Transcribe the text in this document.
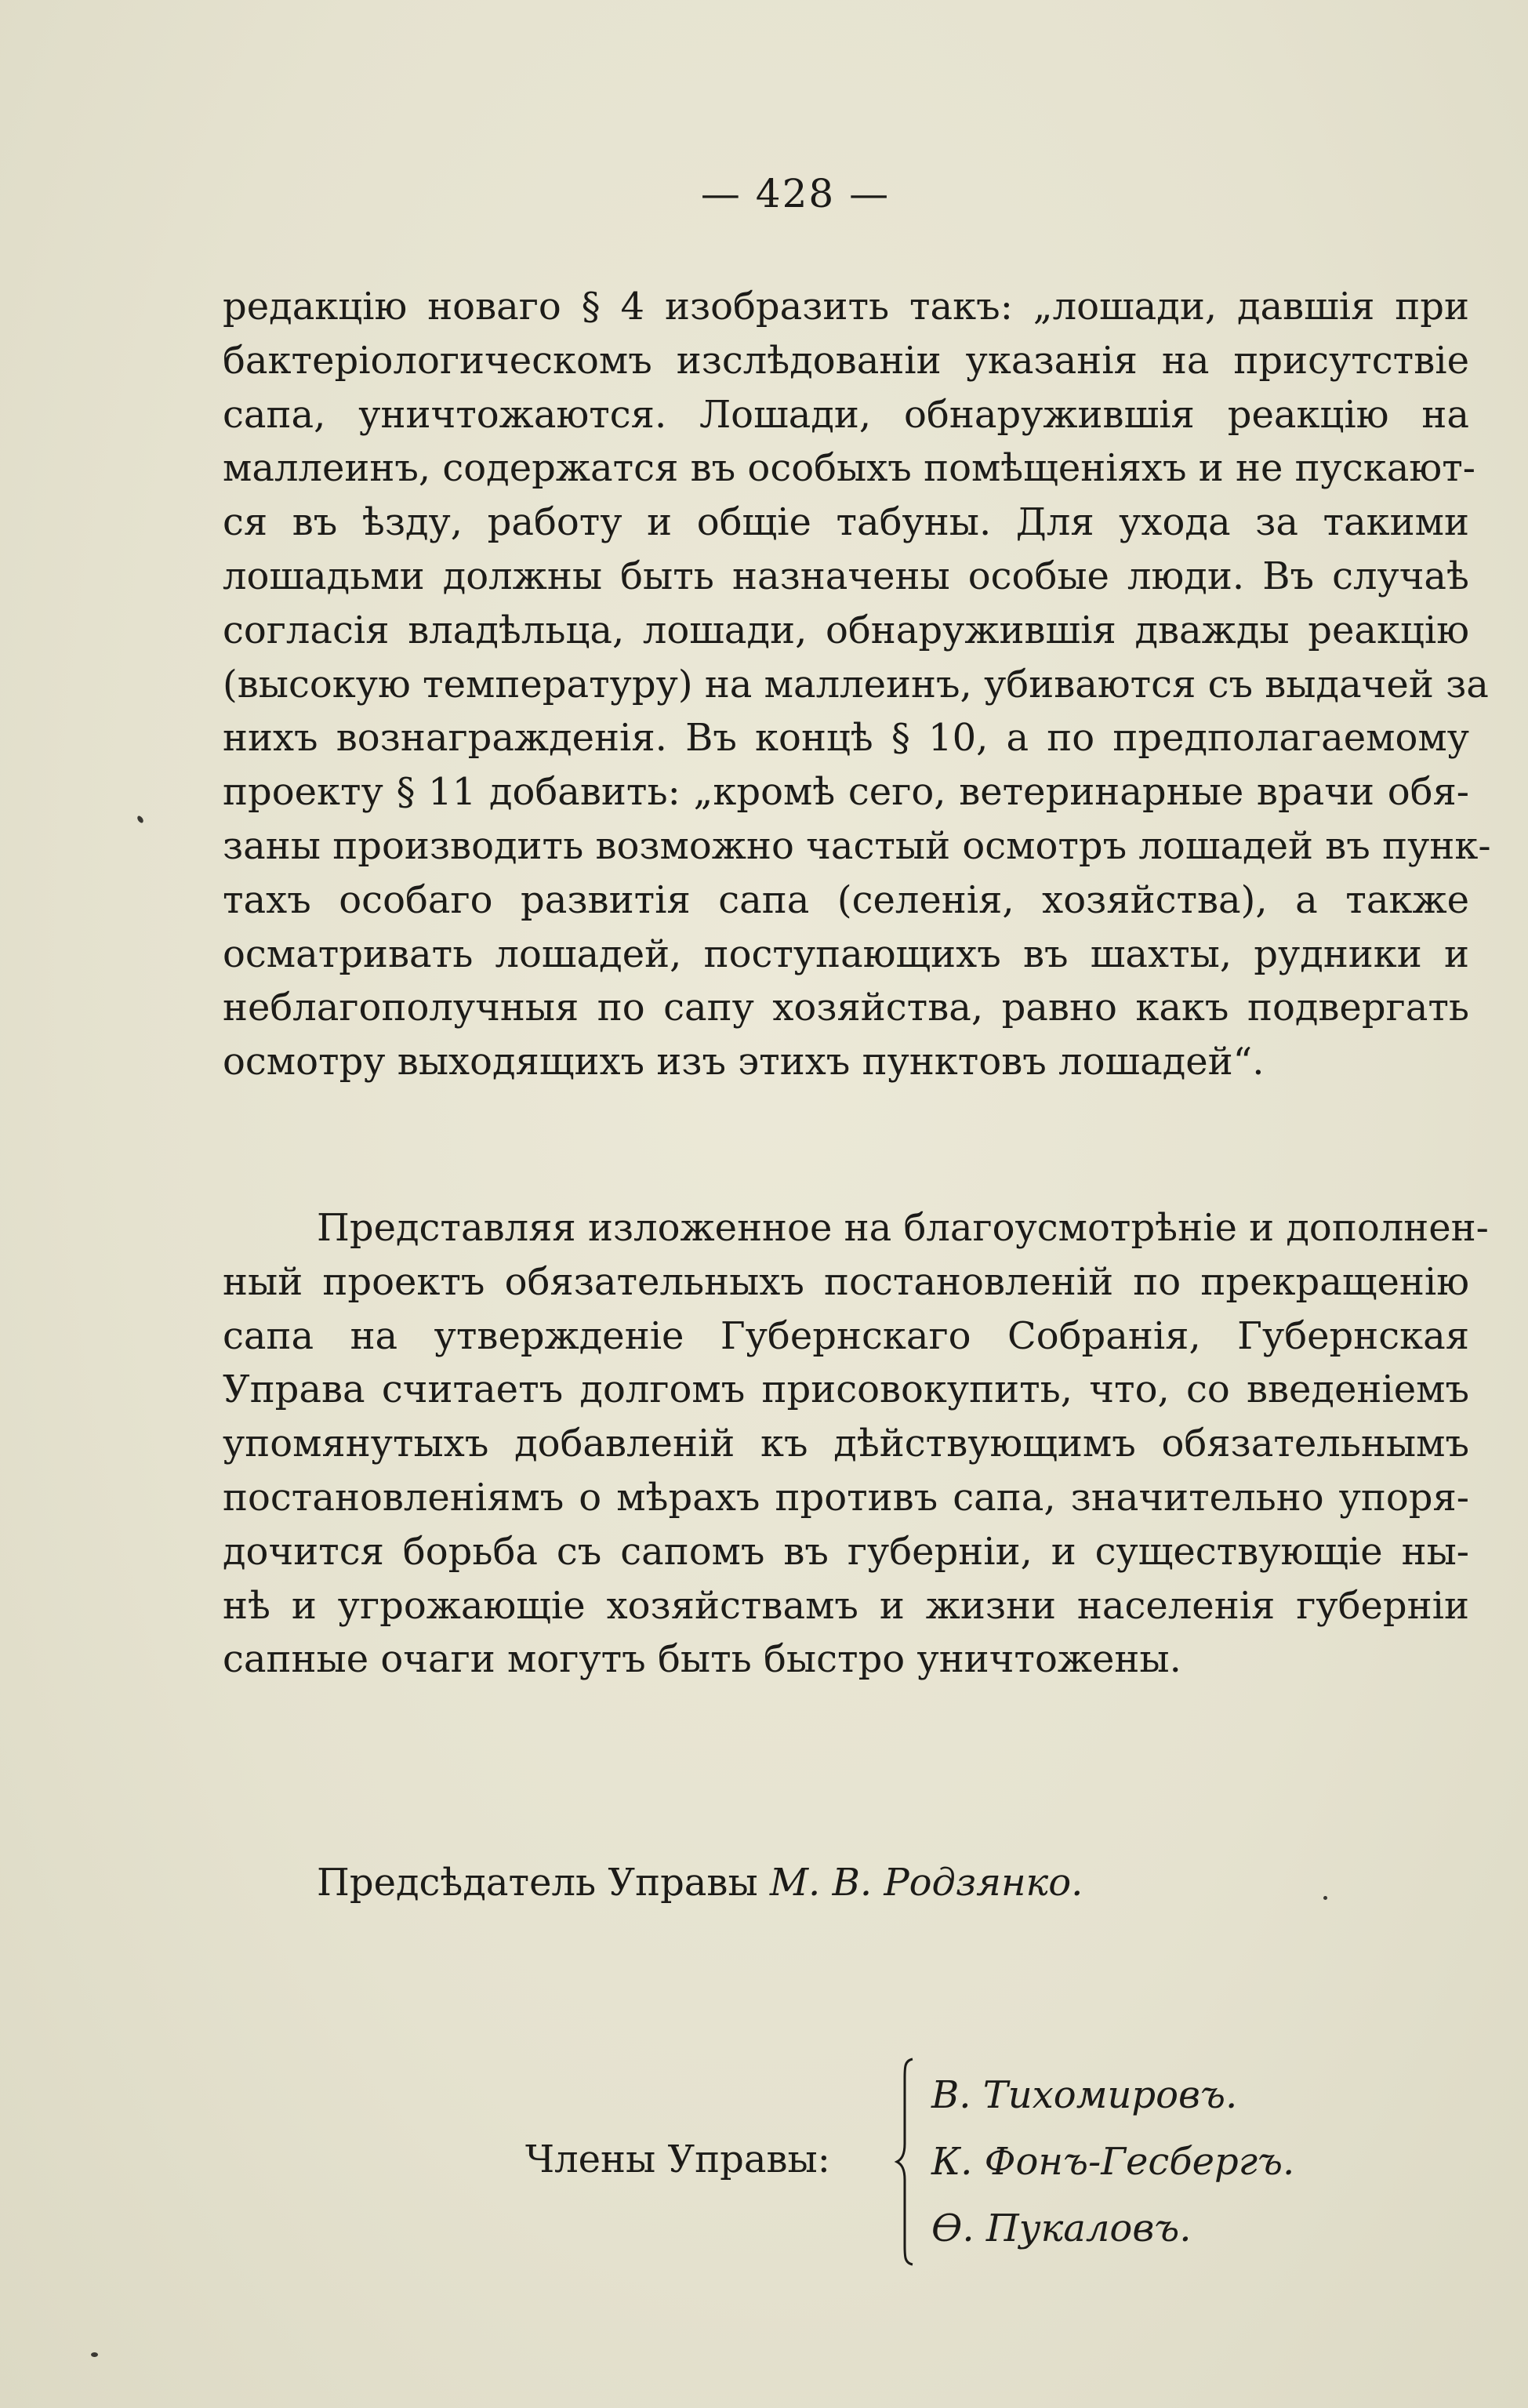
— 428 —
редакцію новаго § 4 изобразить такъ: „лошади, давшія при
бактеріологическомъ изслѣдованіи указанія на присутствіе
сапа, уничтожаются. Лошади, обнаружившія реакцію на
маллеинъ, содержатся въ особыхъ помѣщеніяхъ и не пускают-
ся въ ѣзду, работу и общіе табуны. Для ухода за такими
лошадьми должны быть назначены особые люди. Въ случаѣ
согласія владѣльца, лошади, обнаружившія дважды реакцію
(высокую температуру) на маллеинъ, убиваются съ выдачей за
нихъ вознагражденія. Въ концѣ § 10, а по предполагаемому
проекту § 11 добавить: „кромѣ сего, ветеринарные врачи обя-
заны производить возможно частый осмотръ лошадей въ пунк-
тахъ особаго развитія сапа (селенія, хозяйства), а также
осматривать лошадей, поступающихъ въ шахты, рудники и
неблагополучныя по сапу хозяйства, равно какъ подвергать
осмотру выходящихъ изъ этихъ пунктовъ лошадей“.
Представляя изложенное на благоусмотрѣніе и дополнен-
ный проектъ обязательныхъ постановленій по прекращенію
сапа на утвержденіе Губернскаго Собранія, Губернская
Управа считаетъ долгомъ присовокупить, что, со введеніемъ
упомянутыхъ добавленій къ дѣйствующимъ обязательнымъ
постановленіямъ о мѣрахъ противъ сапа, значительно упоря-
дочится борьба съ сапомъ въ губерніи, и существующіе ны-
нѣ и угрожающіе хозяйствамъ и жизни населенія губерніи
сапные очаги могутъ быть быстро уничтожены.
Предсѣдатель Управы М. В. Родзянко.
Члены Управы:
В. Тихомировъ.
К. Фонъ-Гесбергъ.
Ѳ. Пукаловъ.
